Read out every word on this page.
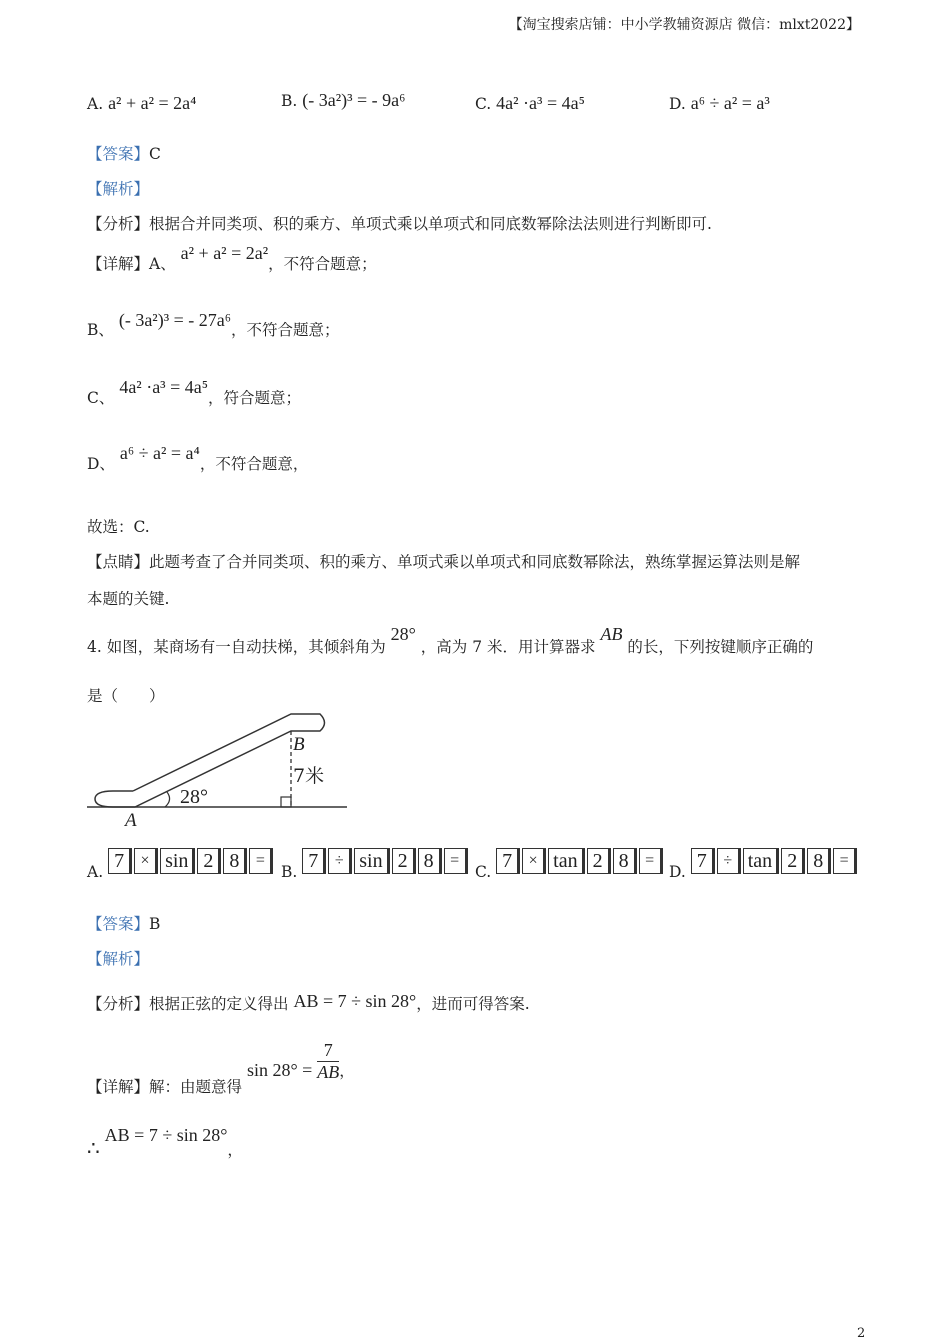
【淘宝搜索店铺：中小学教辅资源店 微信：mlxt2022】
A. a² + a² = 2a⁴	B. (- 3a²)³ = - 9a⁶	C. 4a² ·a³ = 4a⁵	D. a⁶ ÷ a² = a³
【答案】C
【解析】
【分析】根据合并同类项、积的乘方、单项式乘以单项式和同底数幂除法法则进行判断即可.
【详解】A、 a² + a² = 2a²，不符合题意；
B、 (- 3a²)³ = - 27a⁶，不符合题意；
C、 4a² ·a³ = 4a⁵，符合题意；
D、 a⁶ ÷ a² = a⁴，不符合题意，
故选：C.
【点睛】此题考查了合并同类项、积的乘方、单项式乘以单项式和同底数幂除法，熟练掌握运算法则是解
本题的关键.
4. 如图，某商场有一自动扶梯，其倾斜角为 28° ，高为 7 米．用计算器求 AB 的长，下列按键顺序正确的
是（　　）
A
B
7米
28°
A. 7	× sin 2 8	=
B. 7	÷ sin 2 8	=
C. 7	× tan 2 8	=
D. 7	÷ tan 2 8	=
【答案】B
【解析】
【分析】根据正弦的定义得出 AB = 7 ÷ sin 28°，进而可得答案.
【详解】解：由题意得 $\sin 28^\circ = \frac{7}{AB}$ ，
∴ AB = 7 ÷ sin 28°，
2
